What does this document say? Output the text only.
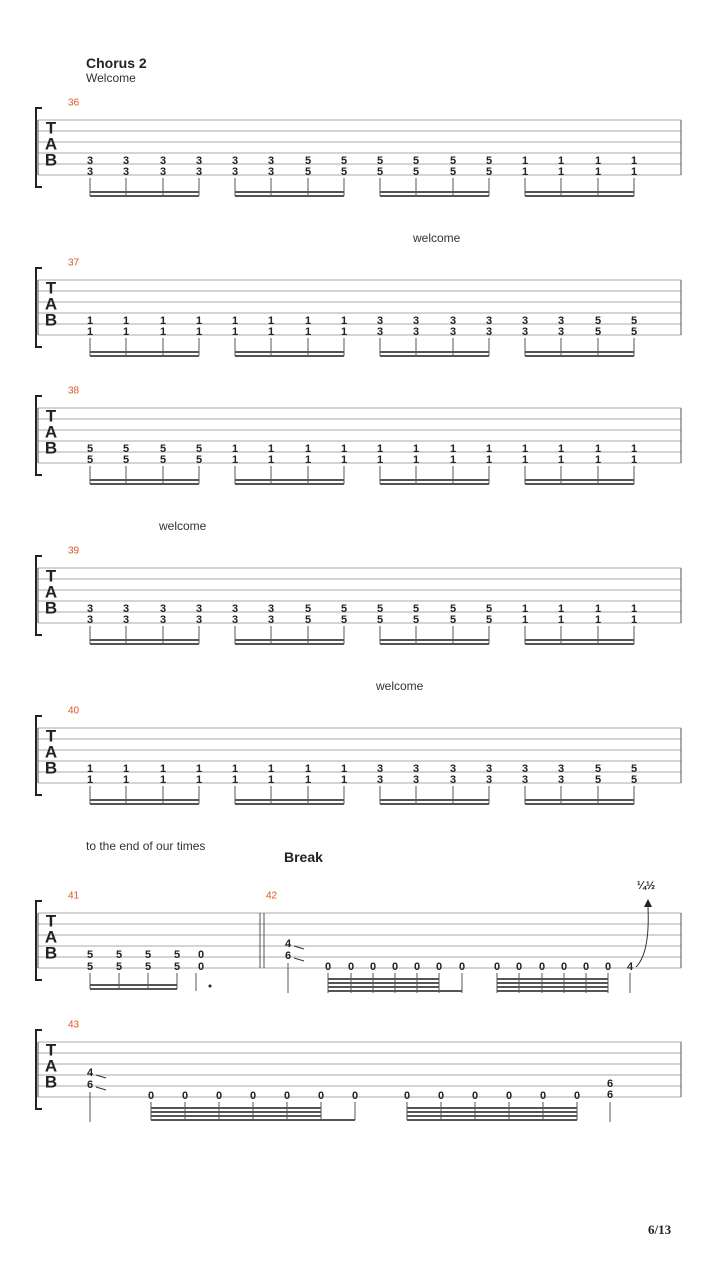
Chorus 2
Welcome
welcome
welcome
welcome
to the end of our times
Break
6/13
T
A
B
36
3
3
3
3
3
3
3
3
3
3
3
3
5
5
5
5
5
5
5
5
5
5
5
5
1
1
1
1
1
1
1
1
T
A
B
37
1
1
1
1
1
1
1
1
1
1
1
1
1
1
1
1
3
3
3
3
3
3
3
3
3
3
3
3
5
5
5
5
T
A
B
38
5
5
5
5
5
5
5
5
1
1
1
1
1
1
1
1
1
1
1
1
1
1
1
1
1
1
1
1
1
1
1
1
T
A
B
39
3
3
3
3
3
3
3
3
3
3
3
3
5
5
5
5
5
5
5
5
5
5
5
5
1
1
1
1
1
1
1
1
T
A
B
40
1
1
1
1
1
1
1
1
1
1
1
1
1
1
1
1
3
3
3
3
3
3
3
3
3
3
3
3
5
5
5
5
T
A
B
41	42
5
5
5
5
5
5
5
5
0
0
4
6
0 0 0 0 0 0 0	0 0 0 0 0 0 4
¼½
T
A
B
43
4
6
0	0	0	0	0	0	0	0	0	0	0	0	0
6
6
